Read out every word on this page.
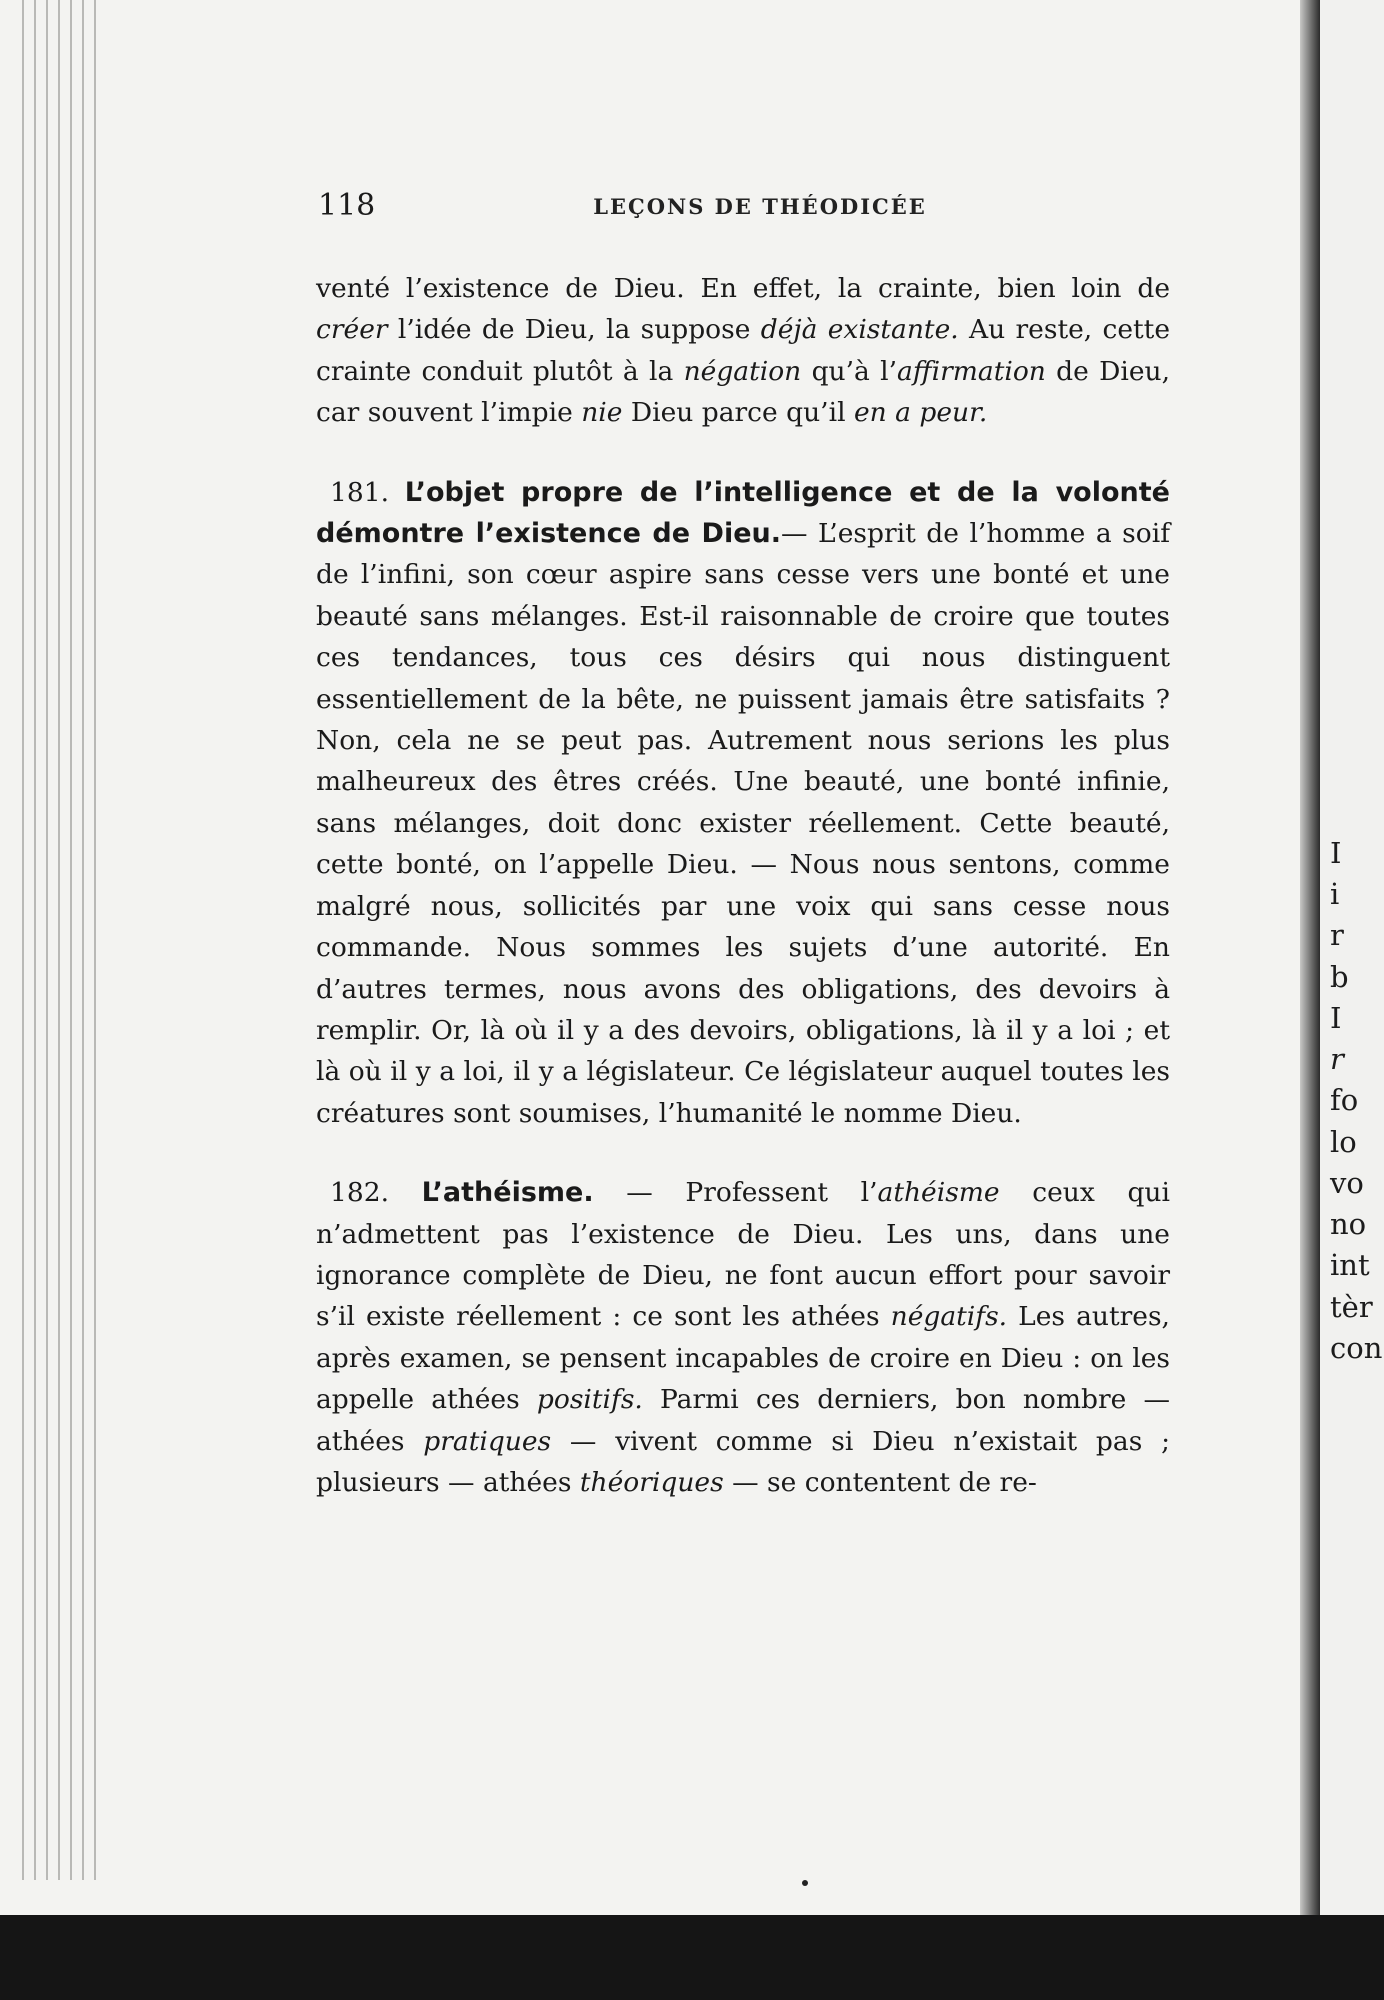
118	LEÇONS DE THÉODICÉE

venté l’existence de Dieu. En effet, la crainte, bien loin de créer l’idée de Dieu, la suppose déjà existante. Au reste, cette crainte conduit plutôt à la négation qu’à l’affirmation de Dieu, car souvent l’impie nie Dieu parce qu’il en a peur.

181. L’objet propre de l’intelligence et de la volonté démontre l’existence de Dieu.— L’esprit de l’homme a soif de l’infini, son cœur aspire sans cesse vers une bonté et une beauté sans mélanges. Est-il raisonnable de croire que toutes ces tendances, tous ces désirs qui nous distinguent essentiellement de la bête, ne puissent jamais être satisfaits ? Non, cela ne se peut pas. Autrement nous serions les plus malheureux des êtres créés. Une beauté, une bonté infinie, sans mélanges, doit donc exister réellement. Cette beauté, cette bonté, on l’appelle Dieu. — Nous nous sentons, comme malgré nous, sollicités par une voix qui sans cesse nous commande. Nous sommes les sujets d’une autorité. En d’autres termes, nous avons des obligations, des devoirs à remplir. Or, là où il y a des devoirs, obligations, là il y a loi ; et là où il y a loi, il y a législateur. Ce législateur auquel toutes les créatures sont soumises, l’humanité le nomme Dieu.

182. L’athéisme. — Professent l’athéisme ceux qui n’admettent pas l’existence de Dieu. Les uns, dans une ignorance complète de Dieu, ne font aucun effort pour savoir s’il existe réellement : ce sont les athées négatifs. Les autres, après examen, se pensent incapables de croire en Dieu : on les appelle athées positifs. Parmi ces derniers, bon nombre — athées pratiques — vivent comme si Dieu n’existait pas ; plusieurs — athées théoriques — se contentent de re-

I
i
r
b
I
r
fo
lo
vo
no
int
tèr
con
